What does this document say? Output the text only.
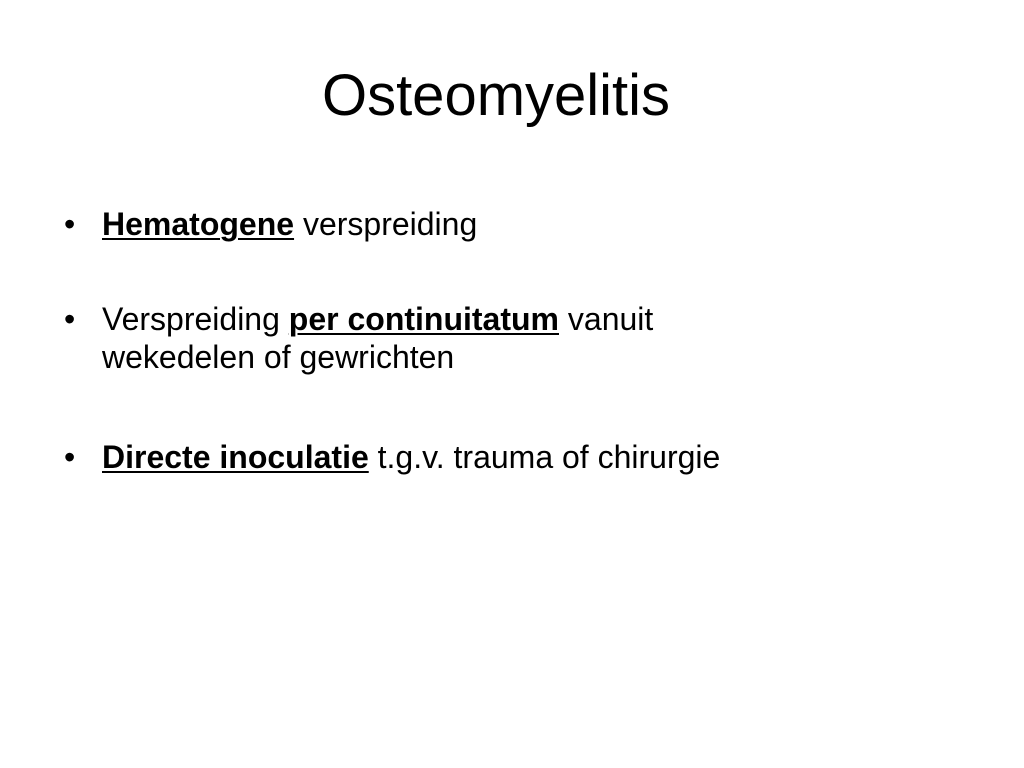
Osteomyelitis
• Hematogene verspreiding
• Verspreiding per continuitatum vanuit
wekedelen of gewrichten
• Directe inoculatie t.g.v. trauma of chirurgie
